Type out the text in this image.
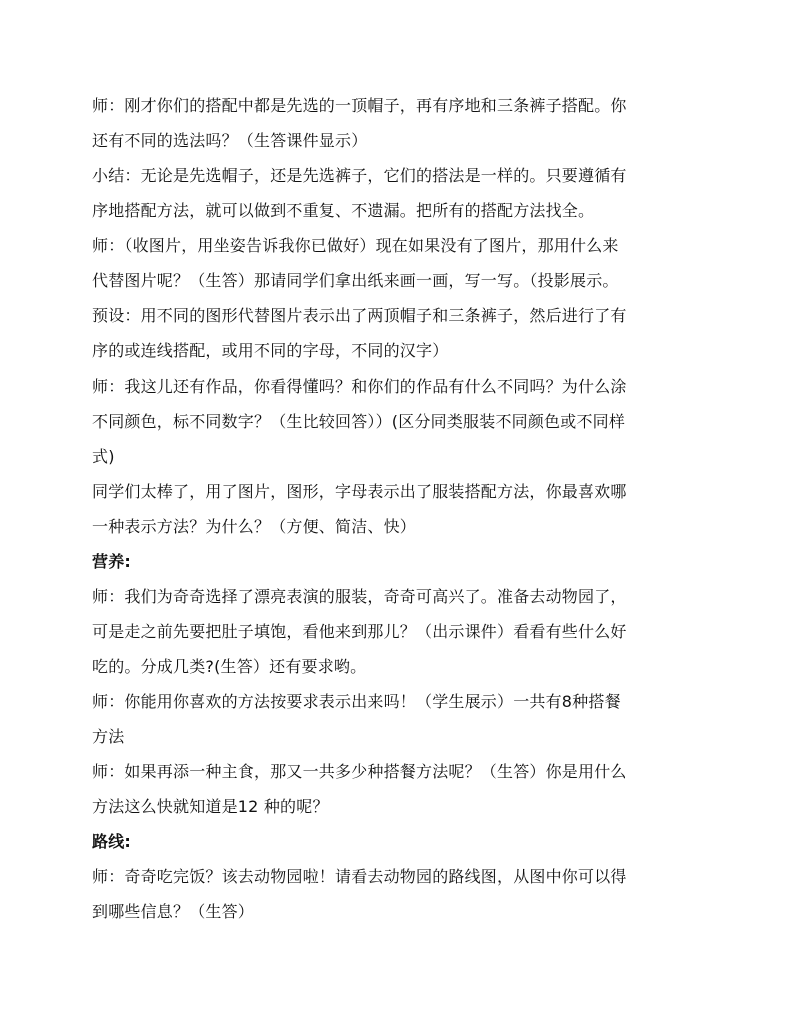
师：刚才你们的搭配中都是先选的一顶帽子，再有序地和三条裤子搭配。你
还有不同的选法吗？（生答课件显示）
小结：无论是先选帽子，还是先选裤子，它们的搭法是一样的。只要遵循有
序地搭配方法，就可以做到不重复、不遗漏。把所有的搭配方法找全。
师：（收图片，用坐姿告诉我你已做好）现在如果没有了图片，那用什么来
代替图片呢？（生答）那请同学们拿出纸来画一画，写一写。（投影展示。
预设：用不同的图形代替图片表示出了两顶帽子和三条裤子，然后进行了有
序的或连线搭配，或用不同的字母，不同的汉字）
师：我这儿还有作品，你看得懂吗？和你们的作品有什么不同吗？为什么涂
不同颜色，标不同数字？（生比较回答））(区分同类服装不同颜色或不同样
式)
同学们太棒了，用了图片，图形，字母表示出了服装搭配方法，你最喜欢哪
一种表示方法？为什么？（方便、简洁、快）
营养:
师：我们为奇奇选择了漂亮表演的服装，奇奇可高兴了。准备去动物园了，
可是走之前先要把肚子填饱，看他来到那儿？（出示课件）看看有些什么好
吃的。分成几类?(生答）还有要求哟。
师：你能用你喜欢的方法按要求表示出来吗！（学生展示）一共有8种搭餐
方法
师：如果再添一种主食，那又一共多少种搭餐方法呢？（生答）你是用什么
方法这么快就知道是12 种的呢？
路线:
师：奇奇吃完饭？该去动物园啦！请看去动物园的路线图，从图中你可以得
到哪些信息？（生答）
